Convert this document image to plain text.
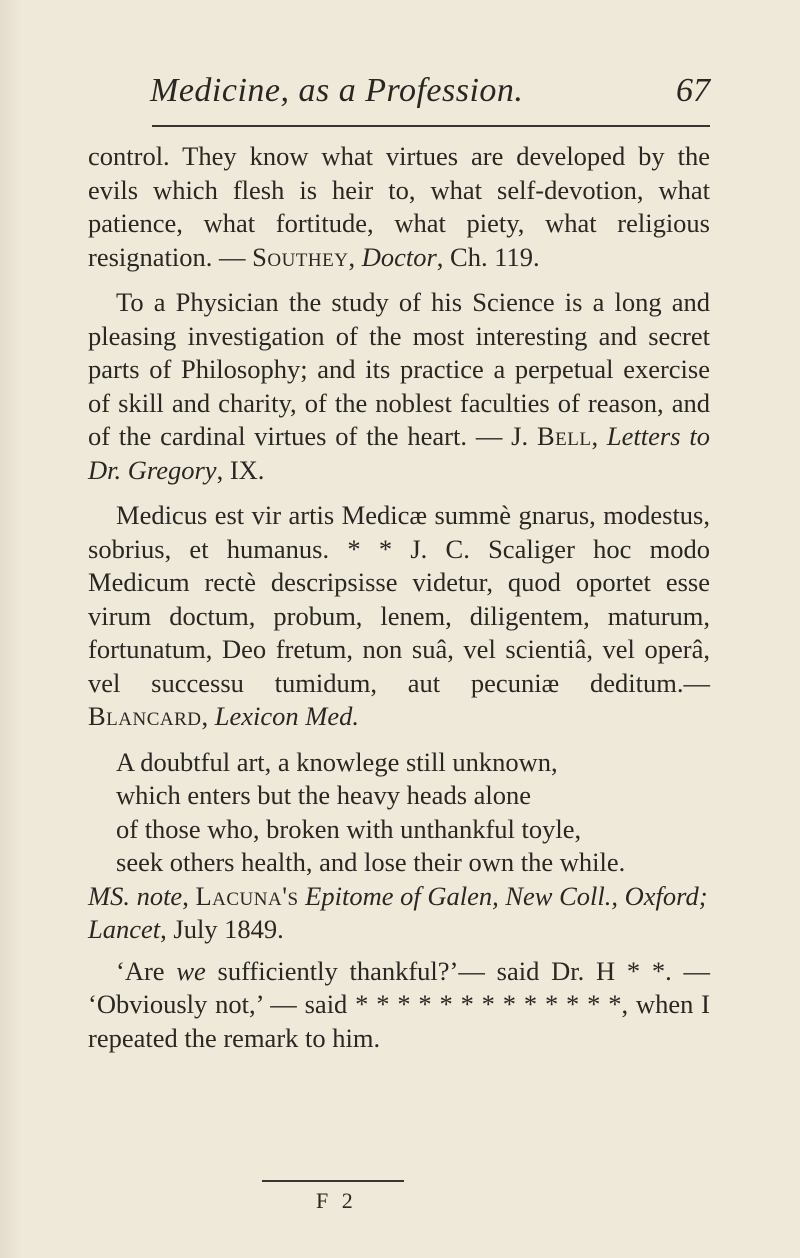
Medicine, as a Profession.	67

control. They know what virtues are developed by the evils which flesh is heir to, what self-devotion, what patience, what fortitude, what piety, what religious resignation. — Southey, Doctor, Ch. 119.

To a Physician the study of his Science is a long and pleasing investigation of the most interesting and secret parts of Philosophy; and its practice a perpetual exercise of skill and charity, of the noblest faculties of reason, and of the cardinal virtues of the heart. — J. Bell, Letters to Dr. Gregory, IX.

Medicus est vir artis Medicæ summè gnarus, modestus, sobrius, et humanus. * * J. C. Scaliger hoc modo Medicum rectè descripsisse videtur, quod oportet esse virum doctum, probum, lenem, diligentem, maturum, fortunatum, Deo fretum, non suâ, vel scientiâ, vel operâ, vel successu tumidum, aut pecuniæ deditum.— Blancard, Lexicon Med.

A doubtful art, a knowlege still unknown,
which enters but the heavy heads alone
of those who, broken with unthankful toyle,
seek others health, and lose their own the while.
MS. note, Lacuna's Epitome of Galen, New Coll., Oxford; Lancet, July 1849.

‘Are we sufficiently thankful?’— said Dr. H * *. — ‘Obviously not,’ — said * * * * * * * * * * * * *, when I repeated the remark to him.

F 2
